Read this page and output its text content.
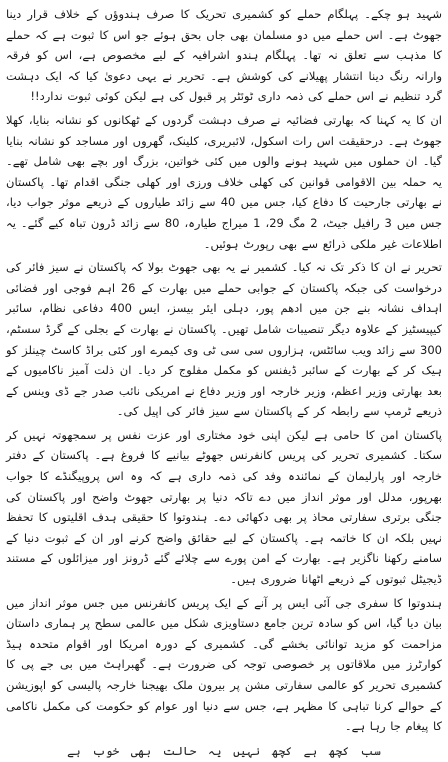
شہید ہو چکے۔ پہلگام حملے کو کشمیری تحریک کا صرف ہندوؤں کے خلاف قرار دینا جھوٹ ہے۔ اس حملے میں دو مسلمان بھی جاں بحق ہوئے جو اس کا ثبوت ہے کہ حملے کا مذہب سے تعلق نہ تھا۔ پہلگام ہندو اشرافیہ کے لیے مخصوص ہے، اس کو فرقہ وارانہ رنگ دینا انتشار پھیلانے کی کوشش ہے۔ تحریر نے یہی دعویٰ کیا کہ ایک دہشت گرد تنظیم نے اس حملے کی ذمہ داری ٹوئٹر پر قبول کی ہے لیکن کوئی ثبوت ندارد!!

ان کا یہ کہنا کہ بھارتی فضائیہ نے صرف دہشت گردوں کے ٹھکانوں کو نشانہ بنایا، کھلا جھوٹ ہے۔ درحقیقت اس رات اسکول، لائبریری، کلینک، گھروں اور مساجد کو نشانہ بنایا گیا۔ ان حملوں میں شہید ہونے والوں میں کئی خواتین، بزرگ اور بچے بھی شامل تھے۔ یہ حملہ بین الاقوامی قوانین کی کھلی خلاف ورزی اور کھلی جنگی اقدام تھا۔ پاکستان نے بھارتی جارحیت کا دفاع کیا، جس میں 40 سے زائد طیاروں کے ذریعے موثر جواب دیا، جس میں 3 رافیل جیٹ، 2 مگ 29، 1 میراج طیارہ، 80 سے زائد ڈرون تباہ کیے گئے۔ یہ اطلاعات غیر ملکی ذرائع سے بھی رپورٹ ہوئیں۔

تحریر نے ان کا ذکر تک نہ کیا۔ کشمیر نے یہ بھی جھوٹ بولا کہ پاکستان نے سیز فائر کی درخواست کی جبکہ پاکستان کے جوابی حملے میں بھارت کے 26 اہم فوجی اور فضائی اہداف نشانہ بنے جن میں ادھم پور، دہلی ایئر بیسز، ایس 400 دفاعی نظام، سائبر کیپیسٹیز کے علاوہ دیگر تنصیبات شامل تھیں۔ پاکستان نے بھارت کے بجلی کے گرڈ سسٹم، 300 سے زائد ویب سائٹس، ہزاروں سی سی ٹی وی کیمرے اور کئی براڈ کاسٹ چینلز کو ہیک کر کے بھارت کے سائبر ڈیفنس کو مکمل مفلوج کر دیا۔ ان ذلت آمیز ناکامیوں کے بعد بھارتی وزیر اعظم، وزیر خارجہ اور وزیر دفاع نے امریکی نائب صدر جے ڈی وینس کے ذریعے ٹرمپ سے رابطہ کر کے پاکستان سے سیز فائر کی اپیل کی۔

پاکستان امن کا حامی ہے لیکن اپنی خود مختاری اور عزت نفس پر سمجھوتہ نہیں کر سکتا۔ کشمیری تحریر کی پریس کانفرنس جھوٹے بیانیے کا فروغ ہے۔ پاکستان کے دفتر خارجہ اور پارلیمان کے نمائندہ وفد کی ذمہ داری ہے کہ وہ اس پروپیگنڈے کا جواب بھرپور، مدلل اور موثر انداز میں دے تاکہ دنیا پر بھارتی جھوٹ واضح اور پاکستان کی جنگی برتری سفارتی محاذ پر بھی دکھائی دے۔ ہندوتوا کا حقیقی ہدف اقلیتوں کا تحفظ نہیں بلکہ ان کا خاتمہ ہے۔ پاکستان کے لیے حقائق واضح کرنے اور ان کے ثبوت دنیا کے سامنے رکھنا ناگزیر ہے۔ بھارت کے امن پورے سے چلائے گئے ڈرونز اور میزائلوں کے مستند ڈیجیٹل ثبوتوں کے ذریعے اٹھانا ضروری ہیں۔

ہندوتوا کا سفری جی آئی ایس پر آنے کے ایک پریس کانفرنس میں جس موثر انداز میں بیان دیا گیا، اس کو سادہ ترین جامع دستاویزی شکل میں عالمی سطح پر ہماری داستان مزاحمت کو مزید توانائی بخشے گی۔ کشمیری کے دورہ امریکا اور اقوام متحدہ ہیڈ کوارٹرز میں ملاقاتوں پر خصوصی توجہ کی ضرورت ہے۔ گھبراہٹ میں بی جے پی کا کشمیری تحریر کو عالمی سفارتی مشن پر بیرون ملک بھیجنا خارجہ پالیسی کو اپوزیشن کے حوالے کرنا تباہی کا مظہر ہے، جس سے دنیا اور عوام کو حکومت کی مکمل ناکامی کا پیغام جا رہا ہے۔

سب کچھ ہے کچھ نہیں یہ حالت بھی خوب ہے
